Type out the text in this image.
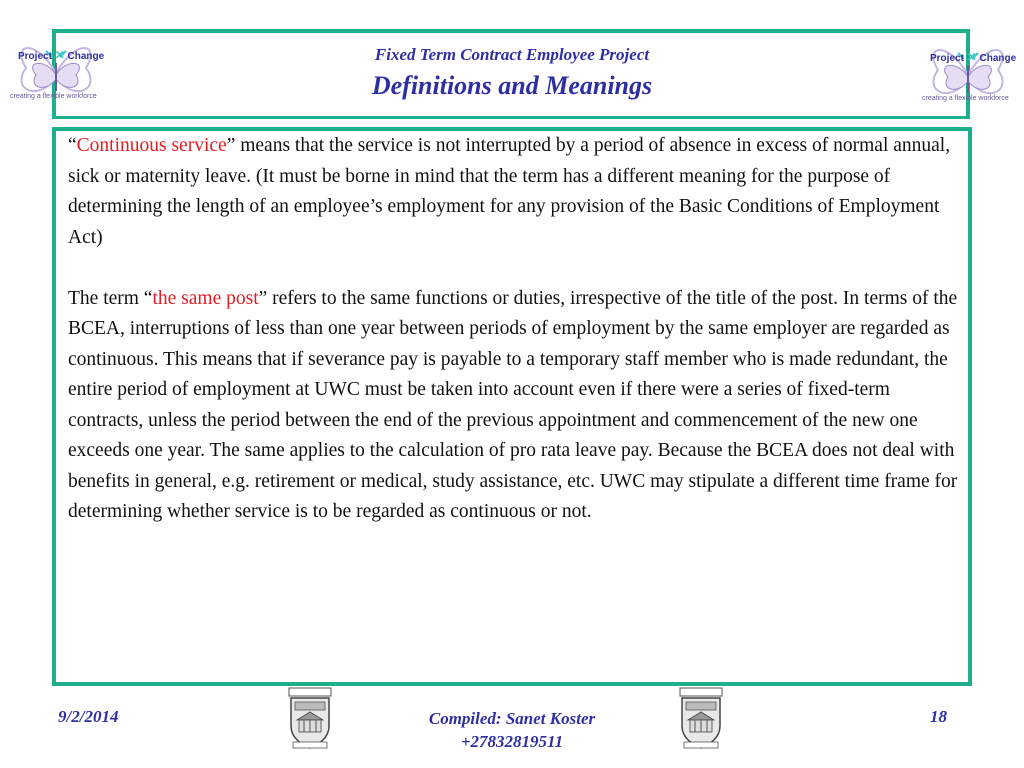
Fixed Term Contract Employee Project
Definitions and Meanings
Project ✕ Change
creating a flexible workforce
Project ✕ Change
creating a flexible workforce

“Continuous service” means that the service is not interrupted by a period of absence in excess of normal annual, sick or maternity leave. (It must be borne in mind that the term has a different meaning for the purpose of determining the length of an employee’s employment for any provision of the Basic Conditions of Employment Act)

The term “the same post” refers to the same functions or duties, irrespective of the title of the post. In terms of the BCEA, interruptions of less than one year between periods of employment by the same employer are regarded as continuous. This means that if severance pay is payable to a temporary staff member who is made redundant, the entire period of employment at UWC must be taken into account even if there were a series of fixed-term contracts, unless the period between the end of the previous appointment and commencement of the new one exceeds one year. The same applies to the calculation of pro rata leave pay. Because the BCEA does not deal with benefits in general, e.g. retirement or medical, study assistance, etc. UWC may stipulate a different time frame for determining whether service is to be regarded as continuous or not.

9/2/2014	Compiled: Sanet Koster
+27832819511
18
